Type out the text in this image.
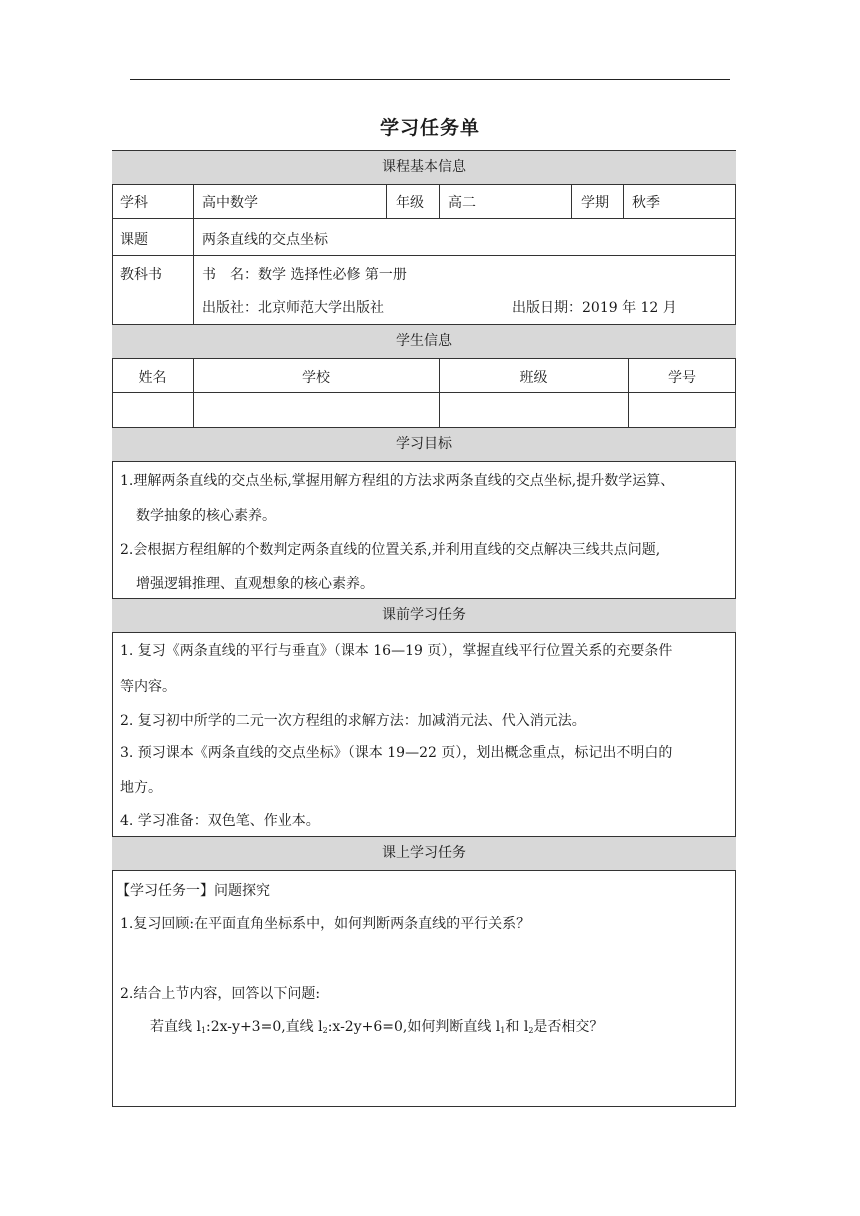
学习任务单
课程基本信息
学生信息
学习目标
课前学习任务
课上学习任务
学科	高中数学	年级 高二	学期 秋季
课题	两条直线的交点坐标
教科书	书　名：数学 选择性必修 第一册
出版社：北京师范大学出版社	出版日期：2019 年 12 月
姓名	学校	班级	学号
1.理解两条直线的交点坐标,掌握用解方程组的方法求两条直线的交点坐标,提升数学运算、
数学抽象的核心素养。
2.会根据方程组解的个数判定两条直线的位置关系,并利用直线的交点解决三线共点问题,
增强逻辑推理、直观想象的核心素养。
1. 复习《两条直线的平行与垂直》（课本 16—19 页），掌握直线平行位置关系的充要条件
等内容。
2. 复习初中所学的二元一次方程组的求解方法：加减消元法、代入消元法。
3. 预习课本《两条直线的交点坐标》（课本 19—22 页），划出概念重点，标记出不明白的
地方。
4. 学习准备：双色笔、作业本。
【学习任务一】问题探究
1.复习回顾:在平面直角坐标系中，如何判断两条直线的平行关系？
2.结合上节内容，回答以下问题:
若直线 $l_1:2x-y+3=0$,直线 $l_2:x-2y+6=0$,如何判断直线 $l_1$和 $l_2$是否相交？
